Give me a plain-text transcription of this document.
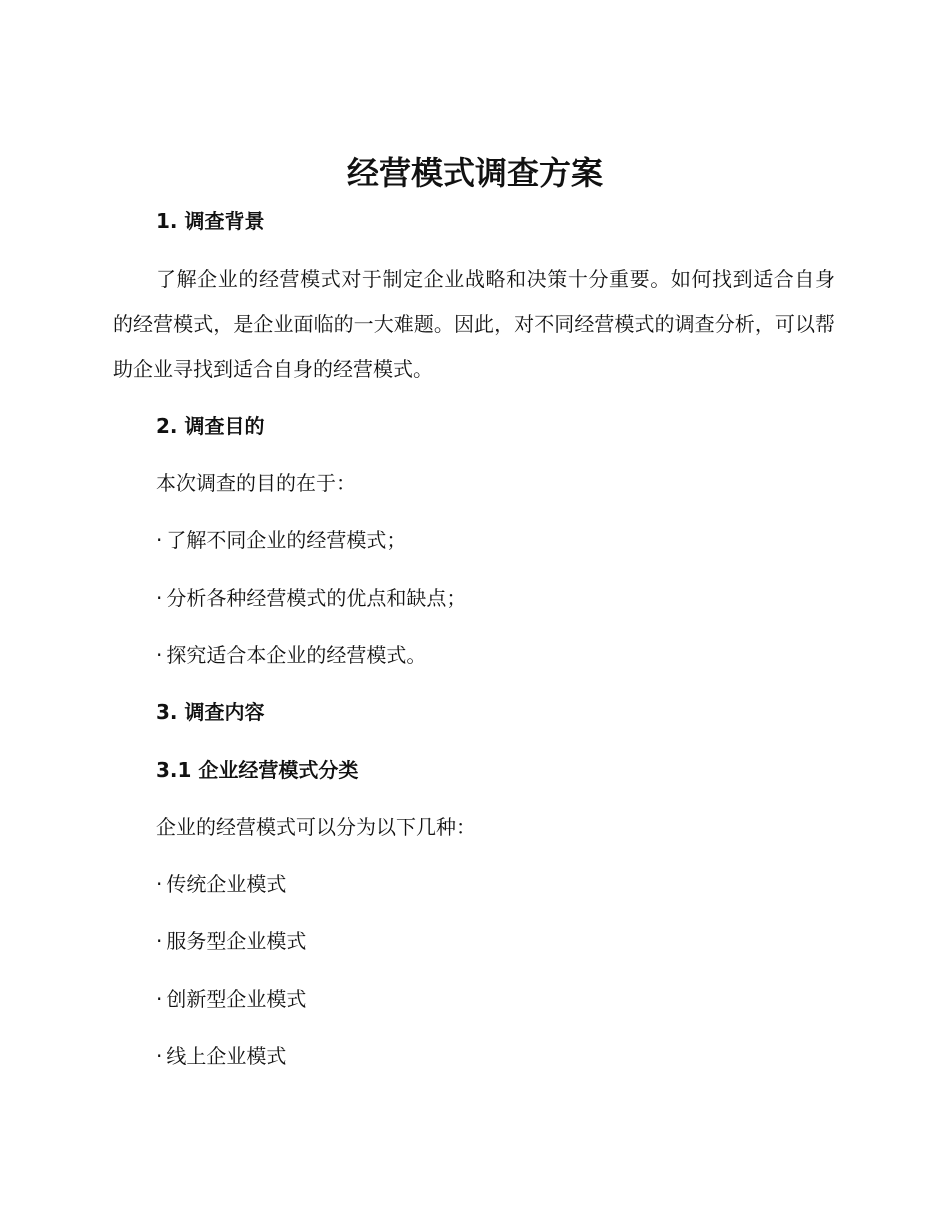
经营模式调查方案
1. 调查背景

了解企业的经营模式对于制定企业战略和决策十分重要。如何找到适合自身的经营模式，是企业面临的一大难题。因此，对不同经营模式的调查分析，可以帮助企业寻找到适合自身的经营模式。

2. 调查目的

本次调查的目的在于：

· 了解不同企业的经营模式；
· 分析各种经营模式的优点和缺点；
· 探究适合本企业的经营模式。
3. 调查内容
3.1 企业经营模式分类

企业的经营模式可以分为以下几种：

· 传统企业模式
· 服务型企业模式
· 创新型企业模式
· 线上企业模式
